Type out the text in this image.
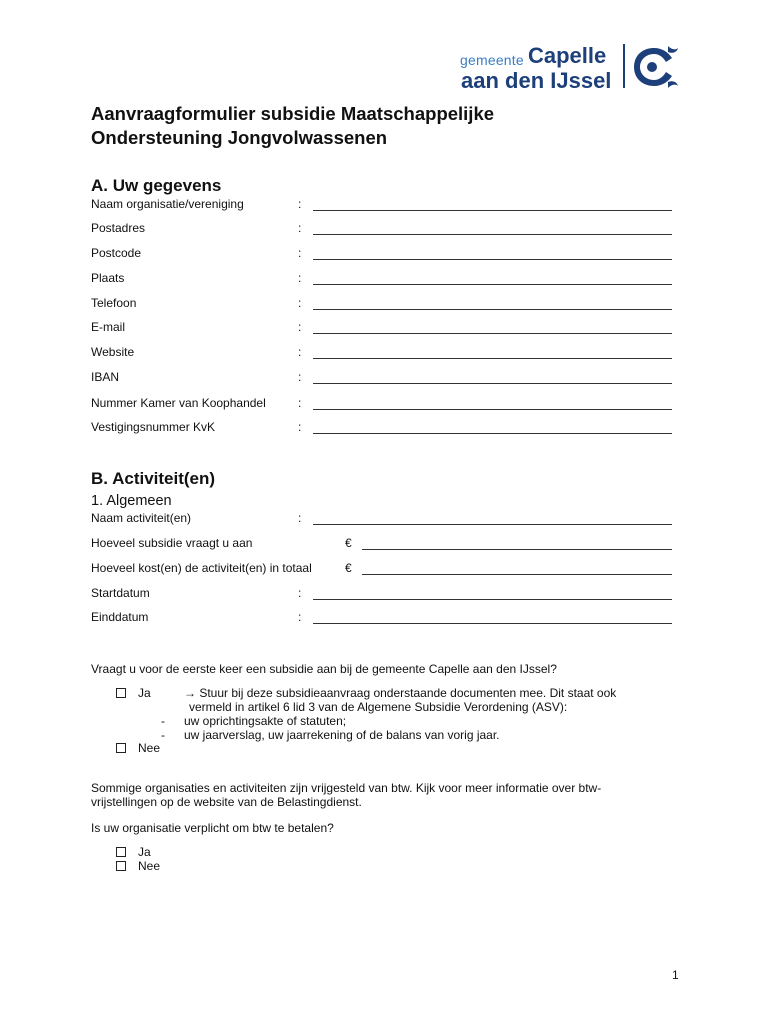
gemeente Capelle
aan den IJssel
Aanvraagformulier subsidie Maatschappelijke
Ondersteuning Jongvolwassenen
A. Uw gegevens
Naam organisatie/vereniging	:
Postadres	:
Postcode	:
Plaats	:
Telefoon	:
E-mail	:
Website	:
IBAN	:
Nummer Kamer van Koophandel	:
Vestigingsnummer KvK	:
B. Activiteit(en)
1. Algemeen
Naam activiteit(en)	:
Hoeveel subsidie vraagt u aan	€
Hoeveel kost(en) de activiteit(en) in totaal	€
Startdatum	:
Einddatum	:
Vraagt u voor de eerste keer een subsidie aan bij de gemeente Capelle aan den IJssel?
Ja	→ Stuur bij deze subsidieaanvraag onderstaande documenten mee. Dit staat ook
vermeld in artikel 6 lid 3 van de Algemene Subsidie Verordening (ASV):
- uw oprichtingsakte of statuten;
- uw jaarverslag, uw jaarrekening of de balans van vorig jaar.
Nee
Sommige organisaties en activiteiten zijn vrijgesteld van btw. Kijk voor meer informatie over btw-
vrijstellingen op de website van de Belastingdienst.
Is uw organisatie verplicht om btw te betalen?
Ja
Nee
1
